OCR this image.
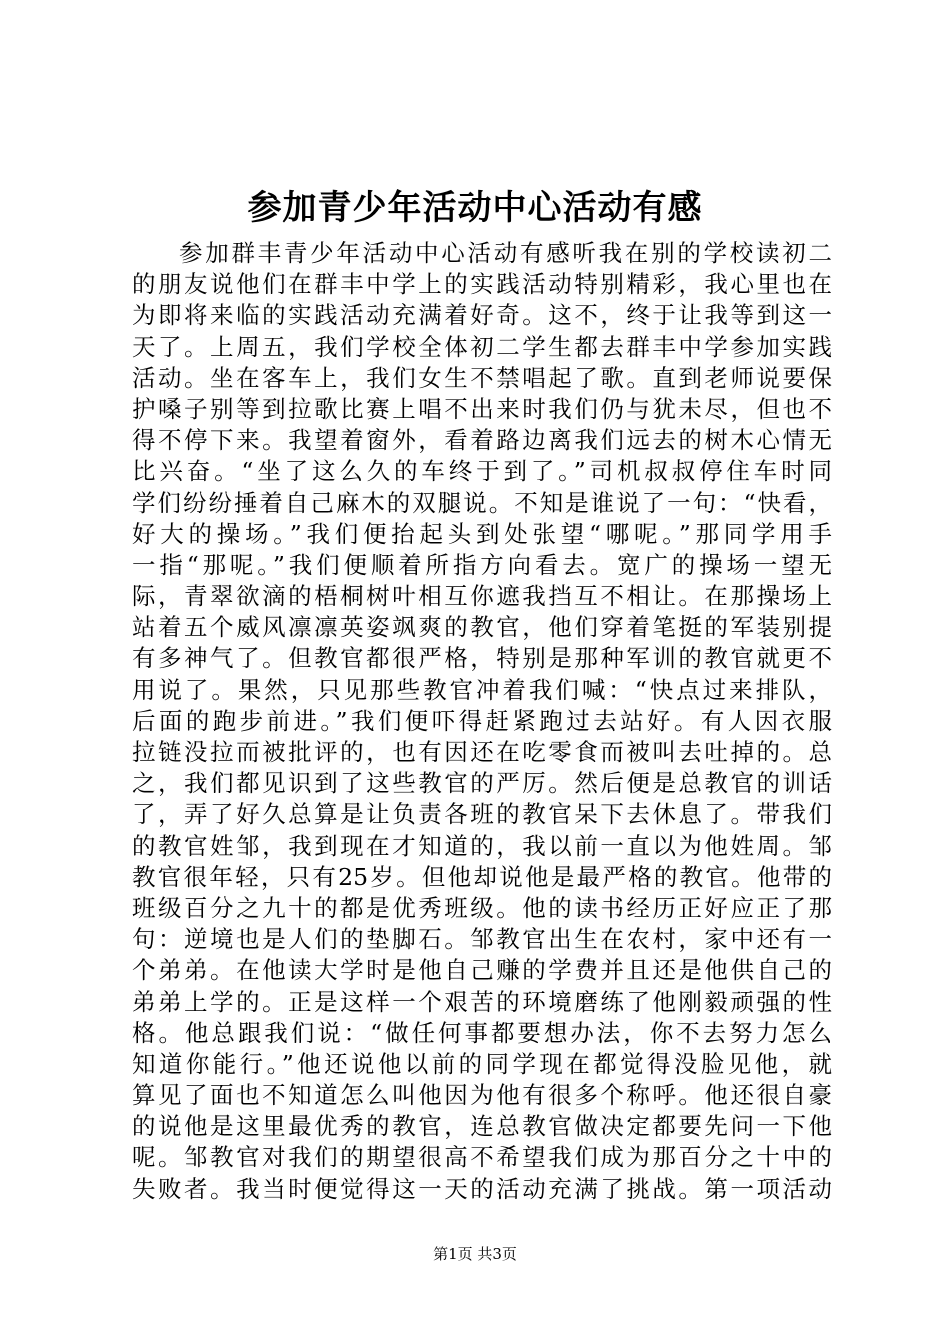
参加青少年活动中心活动有感
参加群丰青少年活动中心活动有感听我在别的学校读初二
的朋友说他们在群丰中学上的实践活动特别精彩，我心里也在
为即将来临的实践活动充满着好奇。这不，终于让我等到这一
天了。上周五，我们学校全体初二学生都去群丰中学参加实践
活动。坐在客车上，我们女生不禁唱起了歌。直到老师说要保
护嗓子别等到拉歌比赛上唱不出来时我们仍与犹未尽，但也不
得不停下来。我望着窗外，看着路边离我们远去的树木心情无
比兴奋。“坐了这么久的车终于到了。”司机叔叔停住车时同
学们纷纷捶着自己麻木的双腿说。不知是谁说了一句：“快看，
好大的操场。”我们便抬起头到处张望“哪呢。”那同学用手
一指“那呢。”我们便顺着所指方向看去。宽广的操场一望无
际，青翠欲滴的梧桐树叶相互你遮我挡互不相让。在那操场上
站着五个威风凛凛英姿飒爽的教官，他们穿着笔挺的军装别提
有多神气了。但教官都很严格，特别是那种军训的教官就更不
用说了。果然，只见那些教官冲着我们喊：“快点过来排队，
后面的跑步前进。”我们便吓得赶紧跑过去站好。有人因衣服
拉链没拉而被批评的，也有因还在吃零食而被叫去吐掉的。总
之，我们都见识到了这些教官的严厉。然后便是总教官的训话
了，弄了好久总算是让负责各班的教官呆下去休息了。带我们
的教官姓邹，我到现在才知道的，我以前一直以为他姓周。邹
教官很年轻，只有25岁。但他却说他是最严格的教官。他带的
班级百分之九十的都是优秀班级。他的读书经历正好应正了那
句：逆境也是人们的垫脚石。邹教官出生在农村，家中还有一
个弟弟。在他读大学时是他自己赚的学费并且还是他供自己的
弟弟上学的。正是这样一个艰苦的环境磨练了他刚毅顽强的性
格。他总跟我们说：“做任何事都要想办法，你不去努力怎么
知道你能行。”他还说他以前的同学现在都觉得没脸见他，就
算见了面也不知道怎么叫他因为他有很多个称呼。他还很自豪
的说他是这里最优秀的教官，连总教官做决定都要先问一下他
呢。邹教官对我们的期望很高不希望我们成为那百分之十中的
失败者。我当时便觉得这一天的活动充满了挑战。第一项活动
第1页 共3页
